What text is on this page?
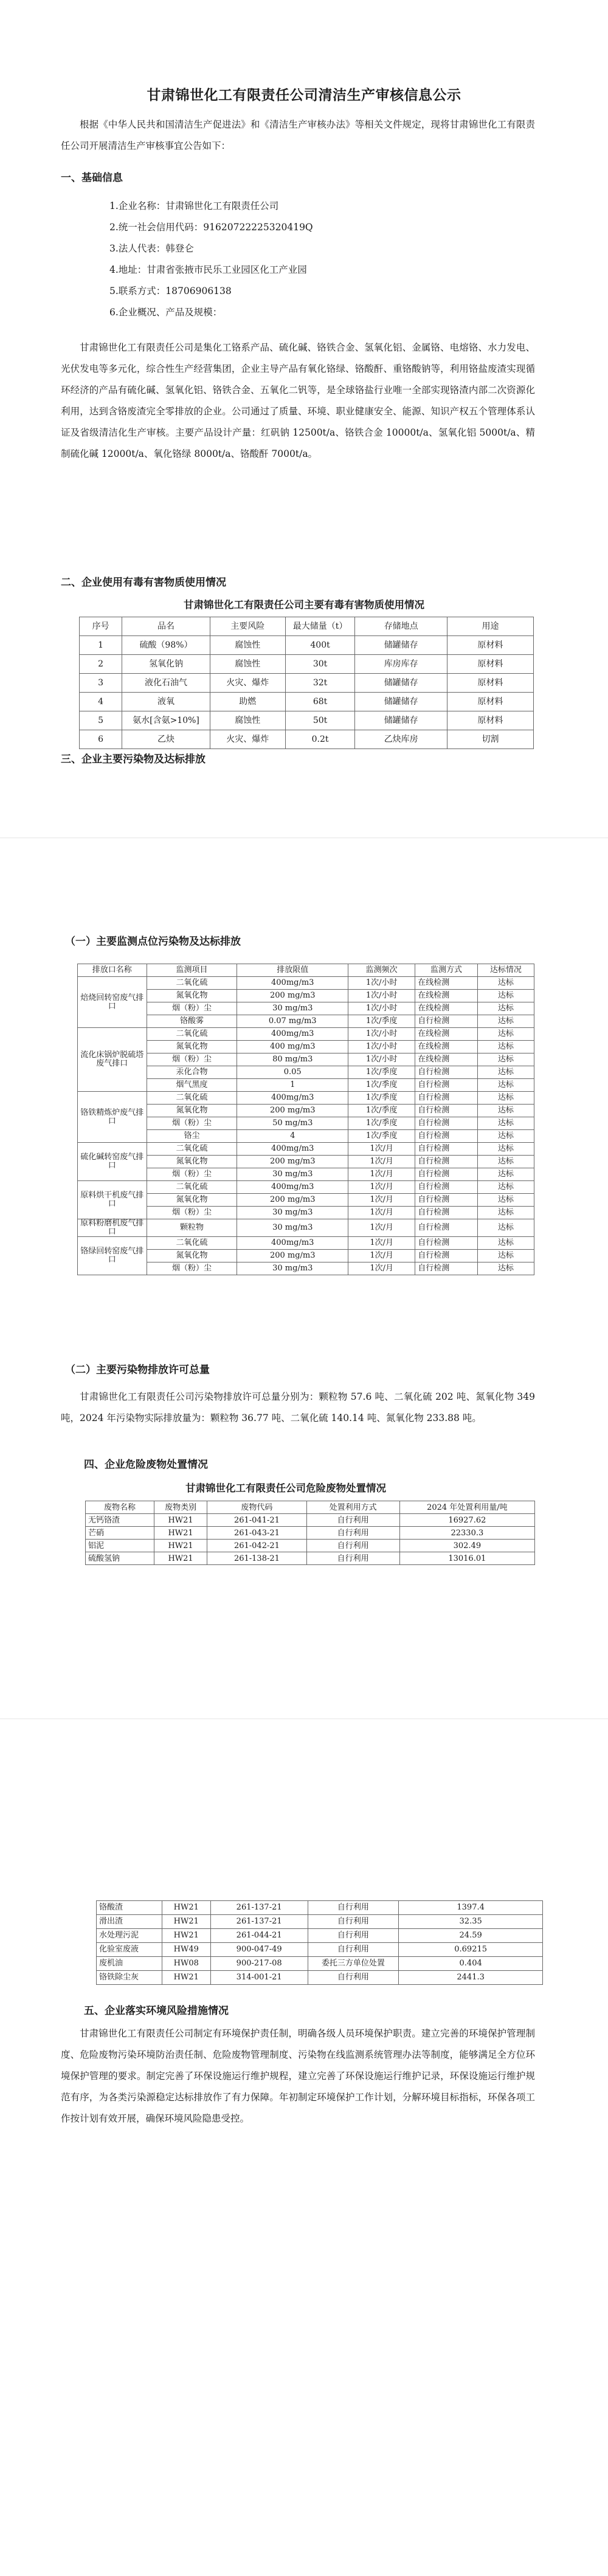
甘肃锦世化工有限责任公司清洁生产审核信息公示

根据《中华人民共和国清洁生产促进法》和《清洁生产审核办法》等相关文件规定，现将甘肃锦世化工有限责任公司开展清洁生产审核事宜公告如下：

一、基础信息

1.企业名称：甘肃锦世化工有限责任公司
2.统一社会信用代码：91620722225320419Q
3.法人代表：韩登仑
4.地址：甘肃省张掖市民乐工业园区化工产业园
5.联系方式：18706906138
6.企业概况、产品及规模：

甘肃锦世化工有限责任公司是集化工铬系产品、硫化碱、铬铁合金、氢氧化铝、金属铬、电熔铬、水力发电、光伏发电等多元化，综合性生产经营集团，企业主导产品有氧化铬绿、铬酸酐、重铬酸钠等，利用铬盐废渣实现循环经济的产品有硫化碱、氢氧化铝、铬铁合金、五氧化二钒等，是全球铬盐行业唯一全部实现铬渣内部二次资源化利用，达到含铬废渣完全零排放的企业。公司通过了质量、环境、职业健康安全、能源、知识产权五个管理体系认证及省级清洁化生产审核。主要产品设计产量：红矾钠 12500t/a、铬铁合金 10000t/a、氢氧化铝 5000t/a、精制硫化碱 12000t/a、氧化铬绿 8000t/a、铬酸酐 7000t/a。

二、企业使用有毒有害物质使用情况

甘肃锦世化工有限责任公司主要有毒有害物质使用情况

序号	品名	主要风险	最大储量（t）	存储地点	用途
1	硫酸（98%）	腐蚀性	400t	储罐储存	原材料
2	氢氧化钠	腐蚀性	30t	库房库存	原材料
3	液化石油气	火灾、爆炸	32t	储罐储存	原材料
4	液氧	助燃	68t	储罐储存	原材料
5	氨水[含氨>10%]	腐蚀性	50t	储罐储存	原材料
6	乙炔	火灾、爆炸	0.2t	乙炔库房	切割

三、企业主要污染物及达标排放

（一）主要监测点位污染物及达标排放

排放口名称	监测项目	排放限值	监测频次	监测方式	达标情况
焙烧回转窑废气排口	二氧化硫	400mg/m3	1次/小时	在线检测	达标
	氮氧化物	200 mg/m3	1次/小时	在线检测	达标
	烟（粉）尘	30 mg/m3	1次/小时	在线检测	达标
	铬酸雾	0.07 mg/m3	1次/季度	自行检测	达标
流化床锅炉脱硫塔废气排口	二氧化硫	400mg/m3	1次/小时	在线检测	达标
	氮氧化物	400 mg/m3	1次/小时	在线检测	达标
	烟（粉）尘	80 mg/m3	1次/小时	在线检测	达标
	汞化合物	0.05	1次/季度	自行检测	达标
	烟气黑度	1	1次/季度	自行检测	达标
铬铁精炼炉废气排口	二氧化硫	400mg/m3	1次/季度	自行检测	达标
	氮氧化物	200 mg/m3	1次/季度	自行检测	达标
	烟（粉）尘	50 mg/m3	1次/季度	自行检测	达标
	铬尘	4	1次/季度	自行检测	达标
硫化碱转窑废气排口	二氧化硫	400mg/m3	1次/月	自行检测	达标
	氮氧化物	200 mg/m3	1次/月	自行检测	达标
	烟（粉）尘	30 mg/m3	1次/月	自行检测	达标
原料烘干机废气排口	二氧化硫	400mg/m3	1次/月	自行检测	达标
	氮氧化物	200 mg/m3	1次/月	自行检测	达标
	烟（粉）尘	30 mg/m3	1次/月	自行检测	达标
原料粉磨机废气排口	颗粒物	30 mg/m3	1次/月	自行检测	达标
铬绿回转窑废气排口	二氧化硫	400mg/m3	1次/月	自行检测	达标
	氮氧化物	200 mg/m3	1次/月	自行检测	达标
	烟（粉）尘	30 mg/m3	1次/月	自行检测	达标

（二）主要污染物排放许可总量

甘肃锦世化工有限责任公司污染物排放许可总量分别为：颗粒物 57.6 吨、二氧化硫 202 吨、氮氧化物 349 吨，2024 年污染物实际排放量为：颗粒物 36.77 吨、二氧化硫 140.14 吨、氮氧化物 233.88 吨。

四、企业危险废物处置情况

甘肃锦世化工有限责任公司危险废物处置情况

废物名称	废物类别	废物代码	处置利用方式	2024 年处置利用量/吨
无钙铬渣	HW21	261-041-21	自行利用	16927.62
芒硝	HW21	261-043-21	自行利用	22330.3
铝泥	HW21	261-042-21	自行利用	302.49
硫酸氢钠	HW21	261-138-21	自行利用	13016.01
铬酸渣	HW21	261-137-21	自行利用	1397.4
滑出渣	HW21	261-137-21	自行利用	32.35
水处理污泥	HW21	261-044-21	自行利用	24.59
化验室废液	HW49	900-047-49	自行利用	0.69215
废机油	HW08	900-217-08	委托三方单位处置	0.404
铬铁除尘灰	HW21	314-001-21	自行利用	2441.3

五、企业落实环境风险措施情况

甘肃锦世化工有限责任公司制定有环境保护责任制，明确各级人员环境保护职责。建立完善的环境保护管理制度、危险废物污染环境防治责任制、危险废物管理制度、污染物在线监测系统管理办法等制度，能够满足全方位环境保护管理的要求。制定完善了环保设施运行维护规程，建立完善了环保设施运行维护记录，环保设施运行维护规范有序，为各类污染源稳定达标排放作了有力保障。年初制定环境保护工作计划，分解环境目标指标，环保各项工作按计划有效开展，确保环境风险隐患受控。
